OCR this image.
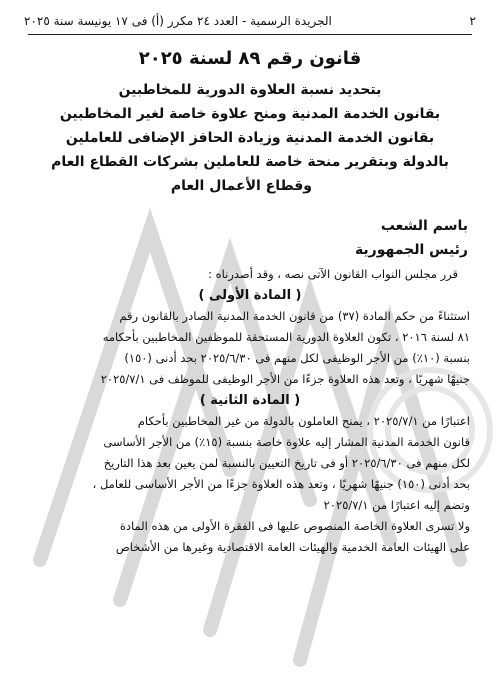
٢
الجريدة الرسمية - العدد ٢٤ مكرر (أ) فى ١٧ يونيسة سنة ٢٠٢٥
قانون رقم ٨٩ لسنة ٢٠٢٥
بتحديد نسبة العلاوة الدورية للمخاطبين
بقانون الخدمة المدنية ومنح علاوة خاصة لغير المخاطبين
بقانون الخدمة المدنية وزيادة الحافز الإضافى للعاملين
بالدولة وبتقرير منحة خاصة للعاملين بشركات القطاع العام
وقطاع الأعمال العام
باسم الشعب
رئيس الجمهورية

قرر مجلس النواب القانون الآتى نصه ، وقد أصدرناه :

( المادة الأولى )

استثناءً من حكم المادة (٣٧) من قانون الخدمة المدنية الصادر بالقانون رقم

٨١ لسنة ٢٠١٦ ، تكون العلاوة الدورية المستحقة للموظفين المخاطبين بأحكامه

بنسبة (١٠٪) من الأجر الوظيفى لكل منهم فى ٢٠٢٥/٦/٣٠ بحد أدنى (١٥٠)

جنيهًا شهريًا ، وتعد هذه العلاوة جزءًا من الأجر الوظيفى للموظف فى ٢٠٢٥/٧/١

( المادة الثانية )

اعتبارًا من ٢٠٢٥/٧/١ ، يمنح العاملون بالدولة من غير المخاطبين بأحكام

قانون الخدمة المدنية المشار إليه علاوة خاصة بنسبة (١٥٪) من الأجر الأساسى

لكل منهم فى ٢٠٢٥/٦/٣٠ أو فى تاريخ التعيين بالنسبة لمن يعين بعد هذا التاريخ

بحد أدنى (١٥٠) جنيهًا شهريًا ، وتعد هذه العلاوة جزءًا من الأجر الأساسى للعامل ،

وتضم إليه اعتبارًا من ٢٠٢٥/٧/١

ولا تسرى العلاوة الخاصة المنصوص عليها فى الفقرة الأولى من هذه المادة

على الهيئات العامة الخدمية والهيئات العامة الاقتصادية وغيرها من الأشخاص
